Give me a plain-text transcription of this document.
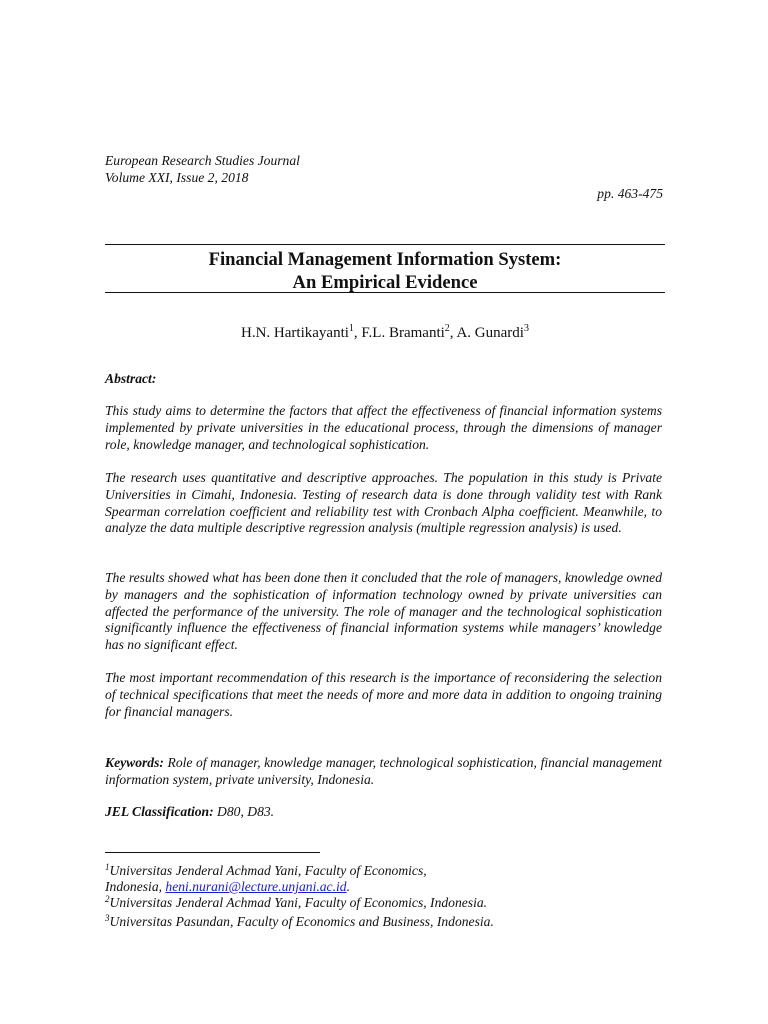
European Research Studies Journal
Volume XXI, Issue 2, 2018
pp. 463-475
Financial Management Information System:
An Empirical Evidence
H.N. Hartikayanti$^1$, F.L. Bramanti$^2$, A. Gunardi$^3$
Abstract:

This study aims to determine the factors that affect the effectiveness of financial information systems implemented by private universities in the educational process, through the dimensions of manager role, knowledge manager, and technological sophistication.

The research uses quantitative and descriptive approaches. The population in this study is Private Universities in Cimahi, Indonesia. Testing of research data is done through validity test with Rank Spearman correlation coefficient and reliability test with Cronbach Alpha coefficient. Meanwhile, to analyze the data multiple descriptive regression analysis (multiple regression analysis) is used.

The results showed what has been done then it concluded that the role of managers, knowledge owned by managers and the sophistication of information technology owned by private universities can affected the performance of the university. The role of manager and the technological sophistication significantly influence the effectiveness of financial information systems while managers’ knowledge has no significant effect.

The most important recommendation of this research is the importance of reconsidering the selection of technical specifications that meet the needs of more and more data in addition to ongoing training for financial managers.

Keywords: Role of manager, knowledge manager, technological sophistication, financial management information system, private university, Indonesia.

JEL Classification: D80, D83.

$^1$Universitas Jenderal Achmad Yani, Faculty of Economics,
Indonesia, heni.nurani@lecture.unjani.ac.id.
$^2$Universitas Jenderal Achmad Yani, Faculty of Economics, Indonesia.
$^3$Universitas Pasundan, Faculty of Economics and Business, Indonesia.
